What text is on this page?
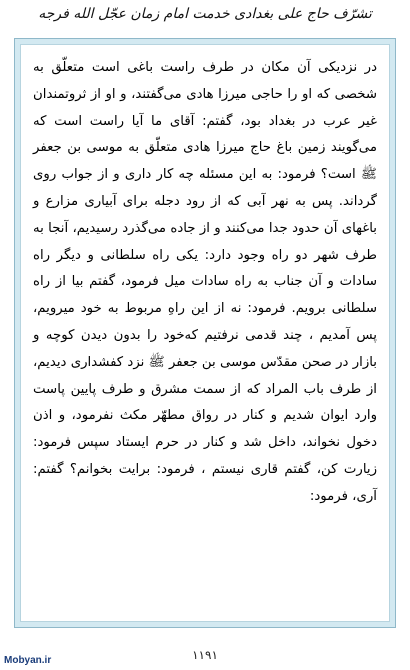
تشرّف حاج علی بغدادی خدمت امام زمان عجّل الله فرجه

در نزدیکی آن مکان در طرف راست باغی است متعلّق به شخصی که او را حاجی میرزا هادی می‌گفتند، و او از ثروتمندان غیر عرب در بغداد بود، گفتم: آقای ما آیا راست است که می‌گویند زمین باغ حاج میرزا هادی متعلّق به موسی بن جعفر ﷺ است؟ فرمود: به این مسئله چه کار داری و از جواب روی گرداند. پس به نهر آبی که از رود دجله برای آبیاری مزارع و باغهای آن حدود جدا می‌کنند و از جاده می‌گذرد رسیدیم، آنجا به طرف شهر دو راه وجود دارد: یکی راه سلطانی و دیگر راه سادات و آن جناب به راه سادات میل فرمود، گفتم بیا از راه سلطانی برویم. فرمود: نه از این راهِ مربوط به خود میرویم، پس آمدیم ، چند قدمی نرفتیم که‌خود را بدون دیدن کوچه و بازار در صحن مقدّس موسی بن جعفر ﷺ نزد کفشداری دیدیم، از طرف باب المراد که از سمت مشرق و طرف پایین پاست وارد ایوان شدیم و کنار در رواق مطهّر مکث نفرمود، و اذن دخول نخواند، داخل شد و کنار در حرم ایستاد سپس فرمود: زیارت کن، گفتم قاری نیستم ، فرمود: برایت بخوانم؟ گفتم: آری، فرمود:

۱۱۹۱
Mobyan.ir
